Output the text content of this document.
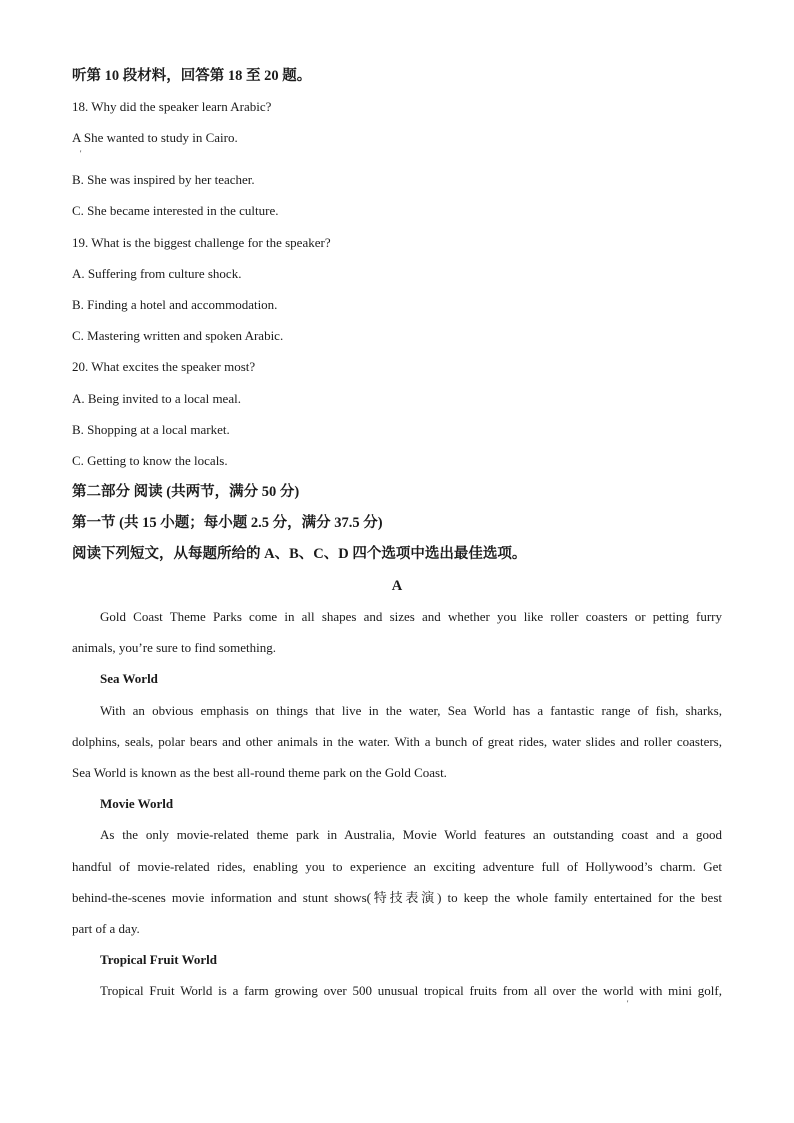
听第 10 段材料，回答第 18 至 20 题。
18. Why did the speaker learn Arabic?
A She wanted to study in Cairo.
'
B. She was inspired by her teacher.
C. She became interested in the culture.
19. What is the biggest challenge for the speaker?
A. Suffering from culture shock.
B. Finding a hotel and accommodation.
C. Mastering written and spoken Arabic.
20. What excites the speaker most?
A. Being invited to a local meal.
B. Shopping at a local market.
C. Getting to know the locals.
第二部分 阅读 (共两节，满分 50 分)
第一节 (共 15 小题；每小题 2.5 分，满分 37.5 分)
阅读下列短文，从每题所给的 A、B、C、D 四个选项中选出最佳选项。
A
Gold Coast Theme Parks come in all shapes and sizes and whether you like roller coasters or petting furry
animals, you’re sure to find something.
Sea World
With an obvious emphasis on things that live in the water, Sea World has a fantastic range of fish, sharks,
dolphins, seals, polar bears and other animals in the water. With a bunch of great rides, water slides and roller coasters,
Sea World is known as the best all-round theme park on the Gold Coast.
Movie World
As the only movie-related theme park in Australia, Movie World features an outstanding coast and a good
handful of movie-related rides, enabling you to experience an exciting adventure full of Hollywood’s charm. Get
behind-the-scenes movie information and stunt shows(特技表演) to keep the whole family entertained for the best
part of a day.
Tropical Fruit World
Tropical Fruit World is a farm growing over 500 unusual tropical fruits from all over the world with mini golf,
'
